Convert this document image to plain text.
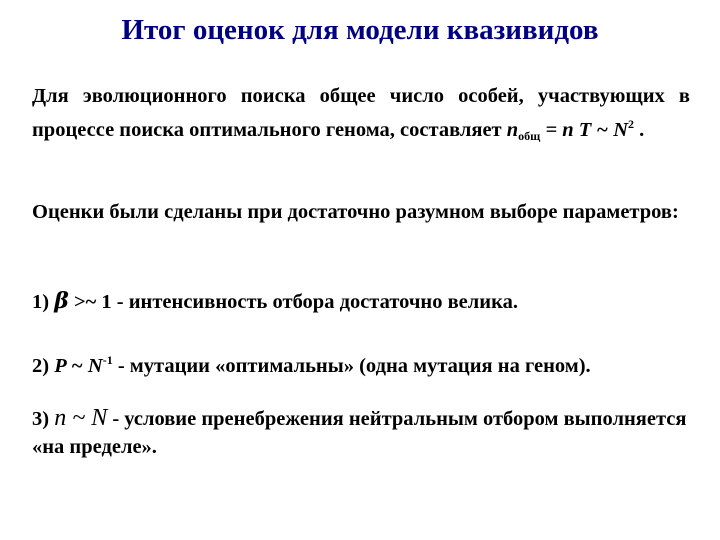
Итог оценок для модели квазивидов
Для эволюционного поиска общее число особей, участвующих в процессе поиска оптимального генома, составляет $n_{общ} = n$ T ~ $N^2$ .
Оценки были сделаны при достаточно разумном выборе параметров:
1) β >~ 1 - интенсивность отбора достаточно велика.
2) P ~ $N^{-1}$ - мутации «оптимальны» (одна мутация на геном).
3) n ~ N - условие пренебрежения нейтральным отбором выполняется «на пределе».
